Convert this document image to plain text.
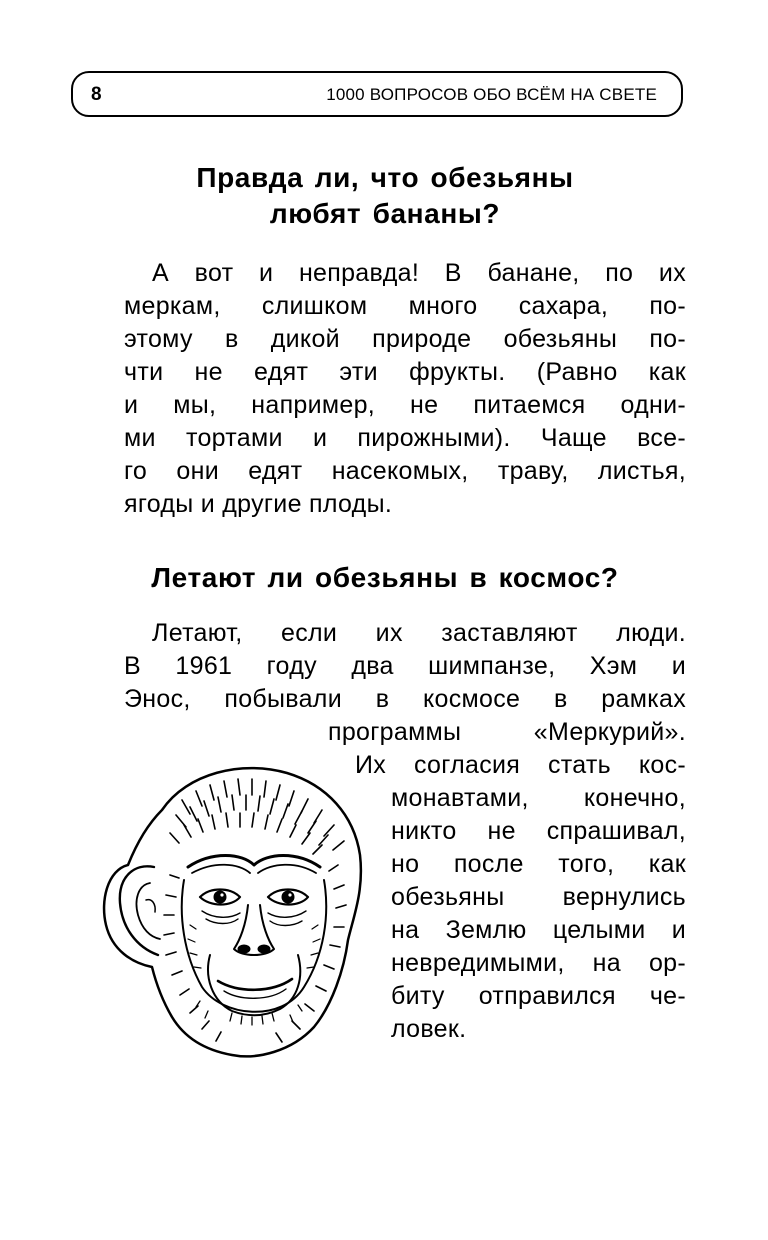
8	1000 ВОПРОСОВ ОБО ВСЁМ НА СВЕТЕ
Правда ли, что обезьяны
любят бананы?
А вот и неправда! В банане, по их
меркам, слишком много сахара, по-
этому в дикой природе обезьяны по-
чти не едят эти фрукты. (Равно как
и мы, например, не питаемся одни-
ми тортами и пирожными). Чаще все-
го они едят насекомых, траву, листья,
ягоды и другие плоды.
Летают ли обезьяны в космос?
Летают, если их заставляют люди.
В 1961 году два шимпанзе, Хэм и
Энос, побывали в космосе в рамках
программы «Меркурий».
Их согласия стать кос-
монавтами, конечно,
никто не спрашивал,
но после того, как
обезьяны вернулись
на Землю целыми и
невредимыми, на ор-
биту отправился че-
ловек.
